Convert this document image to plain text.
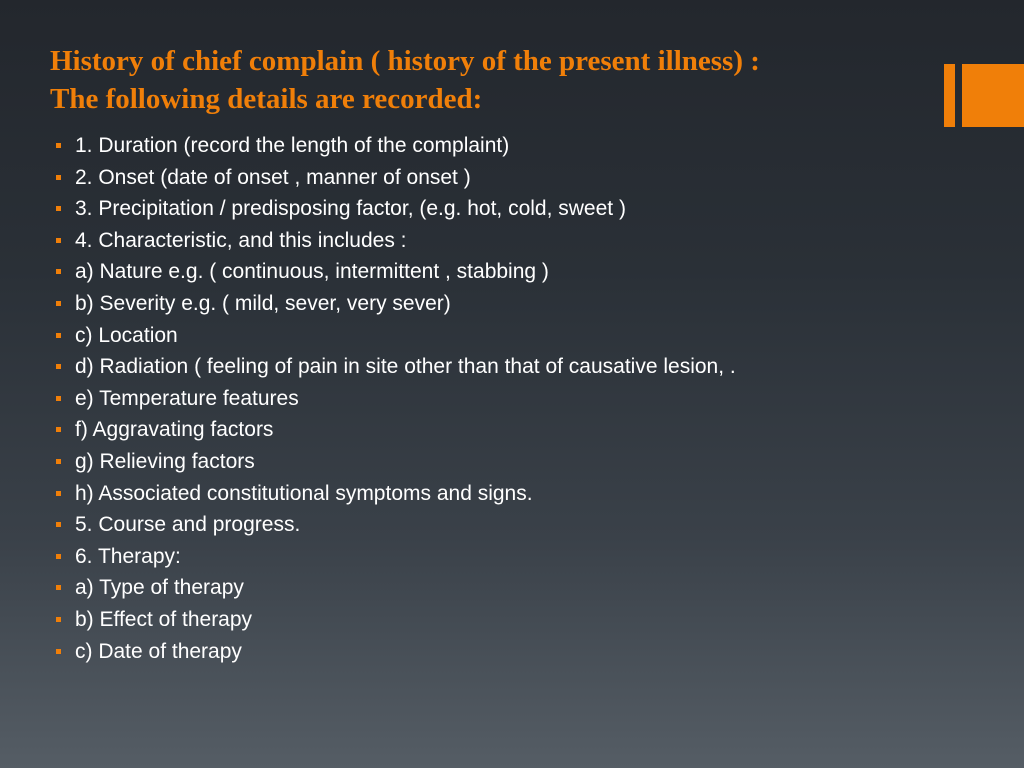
History of chief complain ( history of the present illness) :
The following details are recorded:
1. Duration (record the length of the complaint)
2. Onset (date of onset , manner of onset )
3. Precipitation / predisposing factor, (e.g. hot, cold, sweet )
4. Characteristic, and this includes :
a) Nature e.g. ( continuous, intermittent , stabbing )
b) Severity e.g. ( mild, sever, very sever)
c) Location
d) Radiation ( feeling of pain in site other than that of causative lesion, .
e) Temperature features
f) Aggravating factors
g) Relieving factors
h) Associated constitutional symptoms and signs.
5. Course and progress.
6. Therapy:
a) Type of therapy
b) Effect of therapy
c) Date of therapy
